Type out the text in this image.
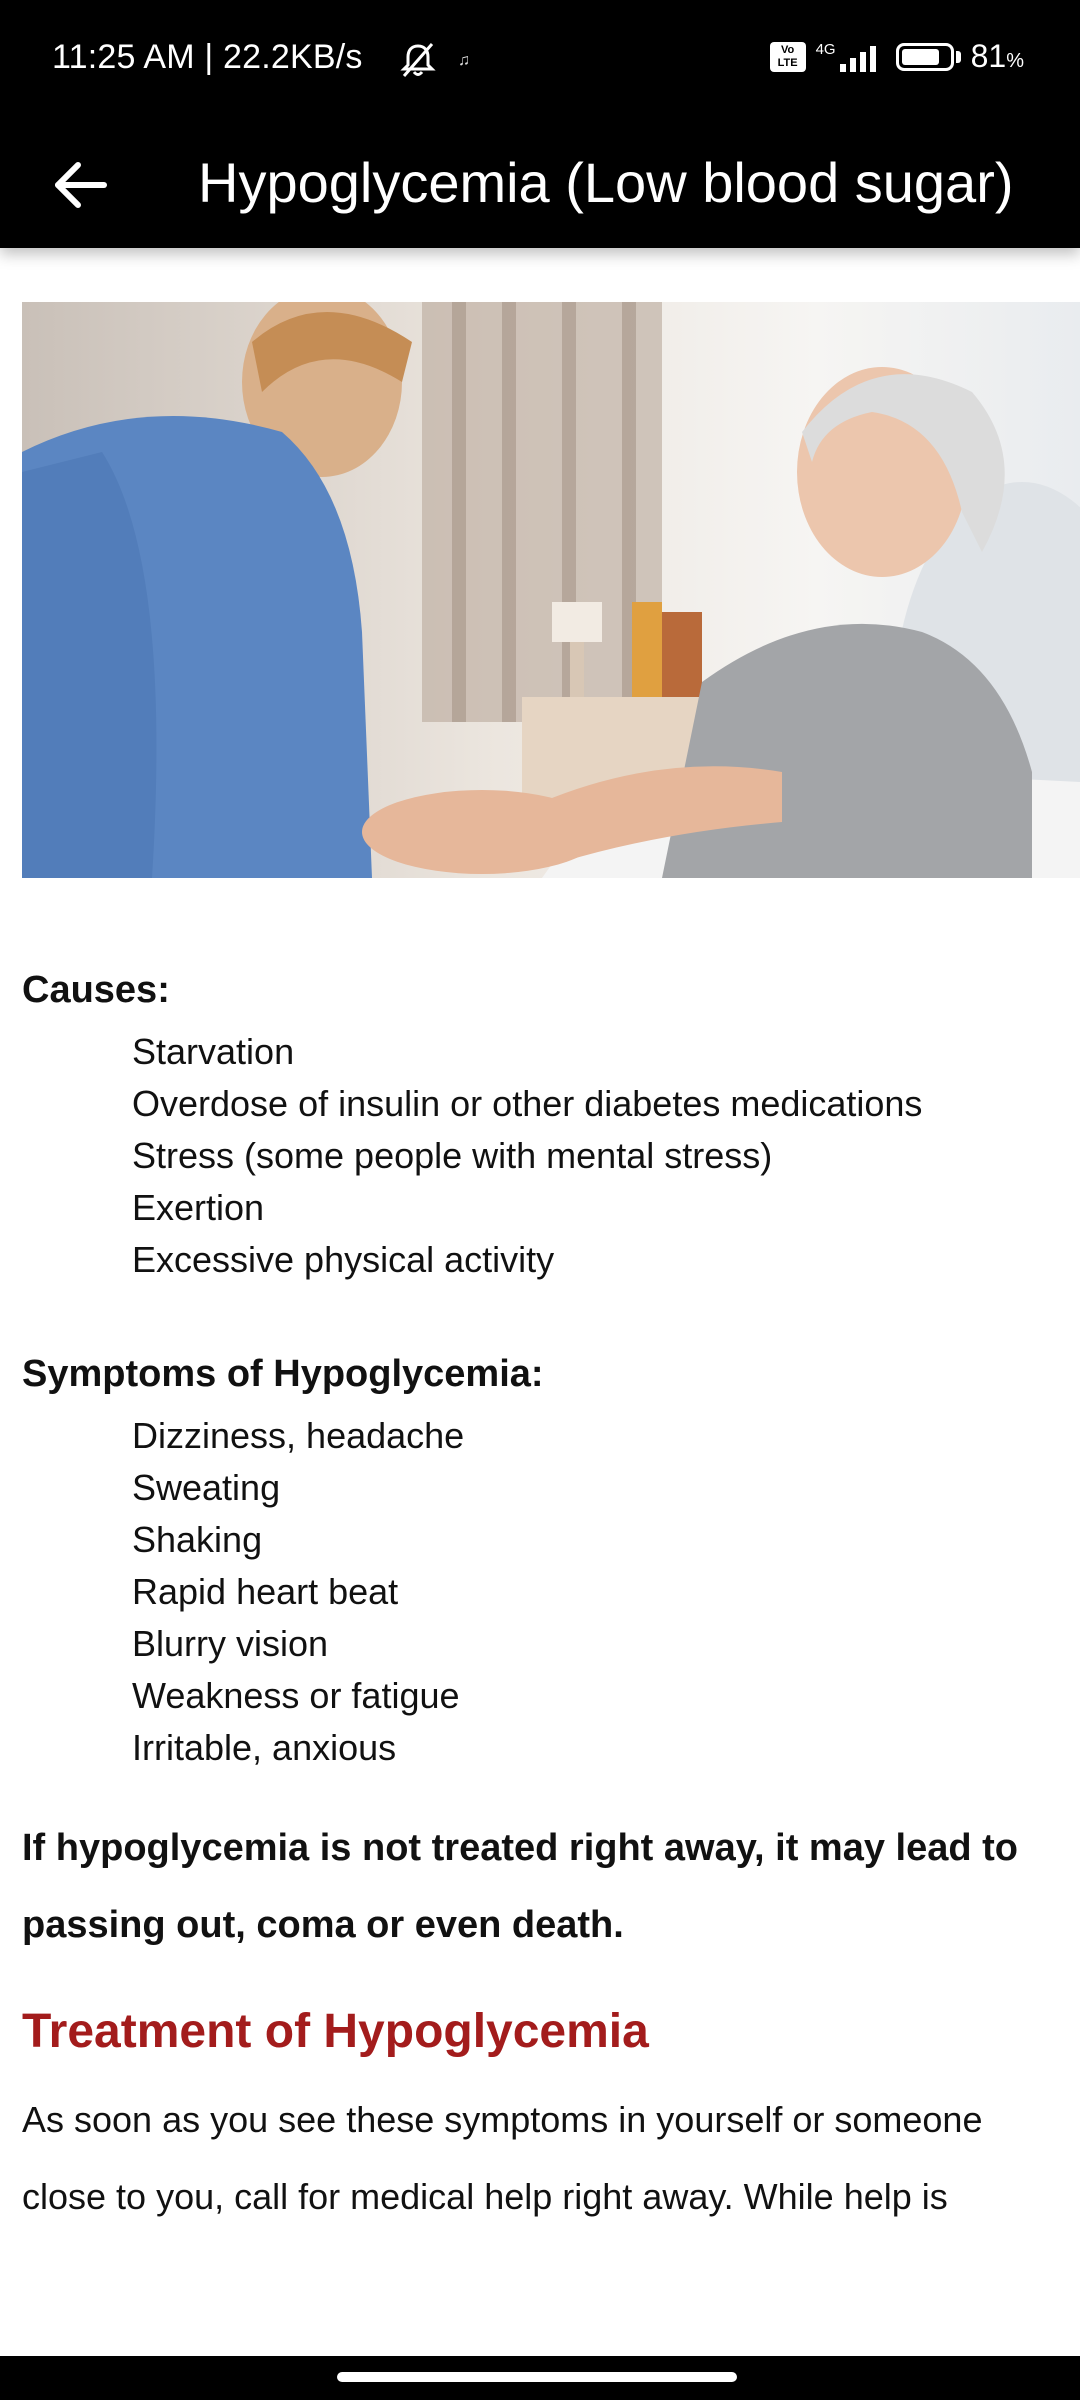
11:25 AM | 22.2KB/s	♫
Vo
LTE
4G	81%
Hypoglycemia (Low blood sugar)
Causes:
Starvation
Overdose of insulin or other diabetes medications
Stress (some people with mental stress)
Exertion
Excessive physical activity
Symptoms of Hypoglycemia:
Dizziness, headache
Sweating
Shaking
Rapid heart beat
Blurry vision
Weakness or fatigue
Irritable, anxious

If hypoglycemia is not treated right away, it may lead to passing out, coma or even death.

Treatment of Hypoglycemia

As soon as you see these symptoms in yourself or someone close to you, call for medical help right away. While help is
